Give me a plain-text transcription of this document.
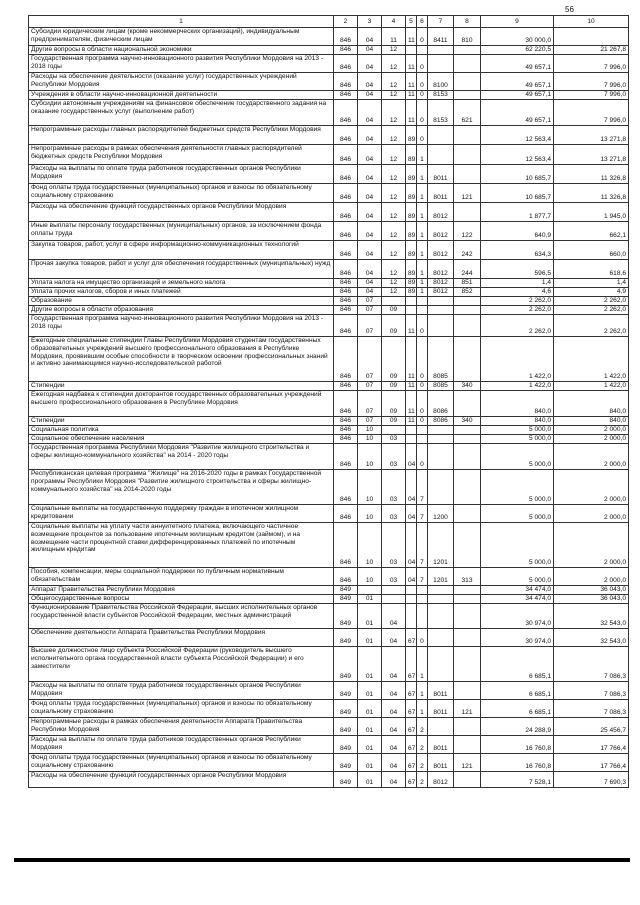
56
1	2	3	4	5	6	7	8	9	10
Субсидии юридическим лицам (кроме некоммерческих организаций), индивидуальным предпринимателям, физическим лицам	846	04	11	11	0	8411	810	30 000,0	
Другие вопросы в области национальной экономики	846	04	12					62 220,5	21 267,8
Государственная программа научно-инновационного развития Республики Мордовия на 2013 - 2018 годы	846	04	12	11	0			49 657,1	7 996,0
Расходы на обеспечение деятельности (оказание услуг) государственных учреждений Республики Мордовия	846	04	12	11	0	8100		49 657,1	7 996,0
Учреждения в области научно-инновационной деятельности	846	04	12	11	0	8153		49 657,1	7 996,0
Субсидии автономным учреждениям на финансовое обеспечение государственного задания на оказание государственных услуг (выполнение работ)	846	04	12	11	0	8153	621	49 657,1	7 996,0
Непрограммные расходы главных распорядителей бюджетных средств Республики Мордовия	846	04	12	89	0			12 563,4	13 271,8
Непрограммные расходы в рамках обеспечения деятельности главных распорядителей бюджетных средств Республики Мордовия	846	04	12	89	1			12 563,4	13 271,8
Расходы на выплаты по оплате труда работников государственных органов Республики Мордовия	846	04	12	89	1	8011		10 685,7	11 326,8
Фонд оплаты труда государственных (муниципальных) органов и взносы по обязательному социальному страхованию	846	04	12	89	1	8011	121	10 685,7	11 326,8
Расходы на обеспечение функций государственных органов Республики Мордовия	846	04	12	89	1	8012		1 877,7	1 945,0
Иные выплаты персоналу государственных (муниципальных) органов, за исключением фонда оплаты труда	846	04	12	89	1	8012	122	640,9	662,1
Закупка товаров, работ, услуг в сфере информационно-коммуникационных технологий	846	04	12	89	1	8012	242	634,3	660,0
Прочая закупка товаров, работ и услуг для обеспечения государственных (муниципальных) нужд	846	04	12	89	1	8012	244	596,5	618,6
Уплата налога на имущество организаций и земельного налога	846	04	12	89	1	8012	851	1,4	1,4
Уплата прочих налогов, сборов и иных платежей	846	04	12	89	1	8012	852	4,6	4,9
Образование	846	07						2 262,0	2 262,0
Другие вопросы в области образования	846	07	09					2 262,0	2 262,0
Государственная программа научно-инновационного развития Республики Мордовия на 2013 - 2018 годы	846	07	09	11	0			2 262,0	2 262,0
Ежегодные специальные стипендии Главы Республики Мордовия студентам государственных образовательных учреждений высшего профессионального образования в Республике Мордовия, проявившим особые способности в творческом освоении профессиональных знаний и активно занимающимся научно-исследовательской работой	846	07	09	11	0	8085		1 422,0	1 422,0
Стипендии	846	07	09	11	0	8085	340	1 422,0	1 422,0
Ежегодная надбавка к стипендии докторантов государственных образовательных учреждений высшего профессионального образования в Республике Мордовия	846	07	09	11	0	8086		840,0	840,0
Стипендии	846	07	09	11	0	8086	340	840,0	840,0
Социальная политика	846	10						5 000,0	2 000,0
Социальное обеспечение населения	846	10	03					5 000,0	2 000,0
Государственная программа Республики Мордовия "Развитие жилищного строительства и сферы жилищно-коммунального хозяйства" на 2014 - 2020 годы	846	10	03	04	0			5 000,0	2 000,0
Республиканская целевая программа "Жилище" на 2016-2020 годы в рамках Государственной программы Республики Мордовия "Развитие жилищного строительства и сферы жилищно-коммунального хозяйства" на 2014-2020 годы	846	10	03	04	7			5 000,0	2 000,0
Социальные выплаты на государственную поддержку граждан в ипотечном жилищном кредитовании	846	10	03	04	7	1200		5 000,0	2 000,0
Социальные выплаты на уплату части аннуитетного платежа, включающего частичное возмещение процентов за пользование ипотечным жилищным кредитом (займом), и на возмещение части процентной ставки дифференцированных платежей по ипотечным жилищным кредитам	846	10	03	04	7	1201		5 000,0	2 000,0
Пособия, компенсации, меры социальной поддержки по публичным нормативным обязательствам	846	10	03	04	7	1201	313	5 000,0	2 000,0
Аппарат Правительства Республики Мордовия	849							34 474,0	36 043,0
Общегосударственные вопросы	849	01						34 474,0	36 043,0
Функционирование Правительства Российской Федерации, высших исполнительных органов государственной власти субъектов Российской Федерации, местных администраций	849	01	04					30 974,0	32 543,0
Обеспечение деятельности Аппарата Правительства Республики Мордовия	849	01	04	67	0			30 974,0	32 543,0
Высшее должностное лицо субъекта Российской Федерации (руководитель высшего исполнительного органа государственной власти субъекта Российской Федерации) и его заместители	849	01	04	67	1			6 685,1	7 086,3
Расходы на выплаты по оплате труда работников государственных органов Республики Мордовия	849	01	04	67	1	8011		6 685,1	7 086,3
Фонд оплаты труда государственных (муниципальных) органов и взносы по обязательному социальному страхованию	849	01	04	67	1	8011	121	6 685,1	7 086,3
Непрограммные расходы в рамках обеспечения деятельности Аппарата Правительства Республики Мордовия	849	01	04	67	2			24 288,9	25 456,7
Расходы на выплаты по оплате труда работников государственных органов Республики Мордовия	849	01	04	67	2	8011		16 760,8	17 766,4
Фонд оплаты труда государственных (муниципальных) органов и взносы по обязательному социальному страхованию	849	01	04	67	2	8011	121	16 760,8	17 766,4
Расходы на обеспечение функций государственных органов Республики Мордовия	849	01	04	67	2	8012		7 528,1	7 690,3
